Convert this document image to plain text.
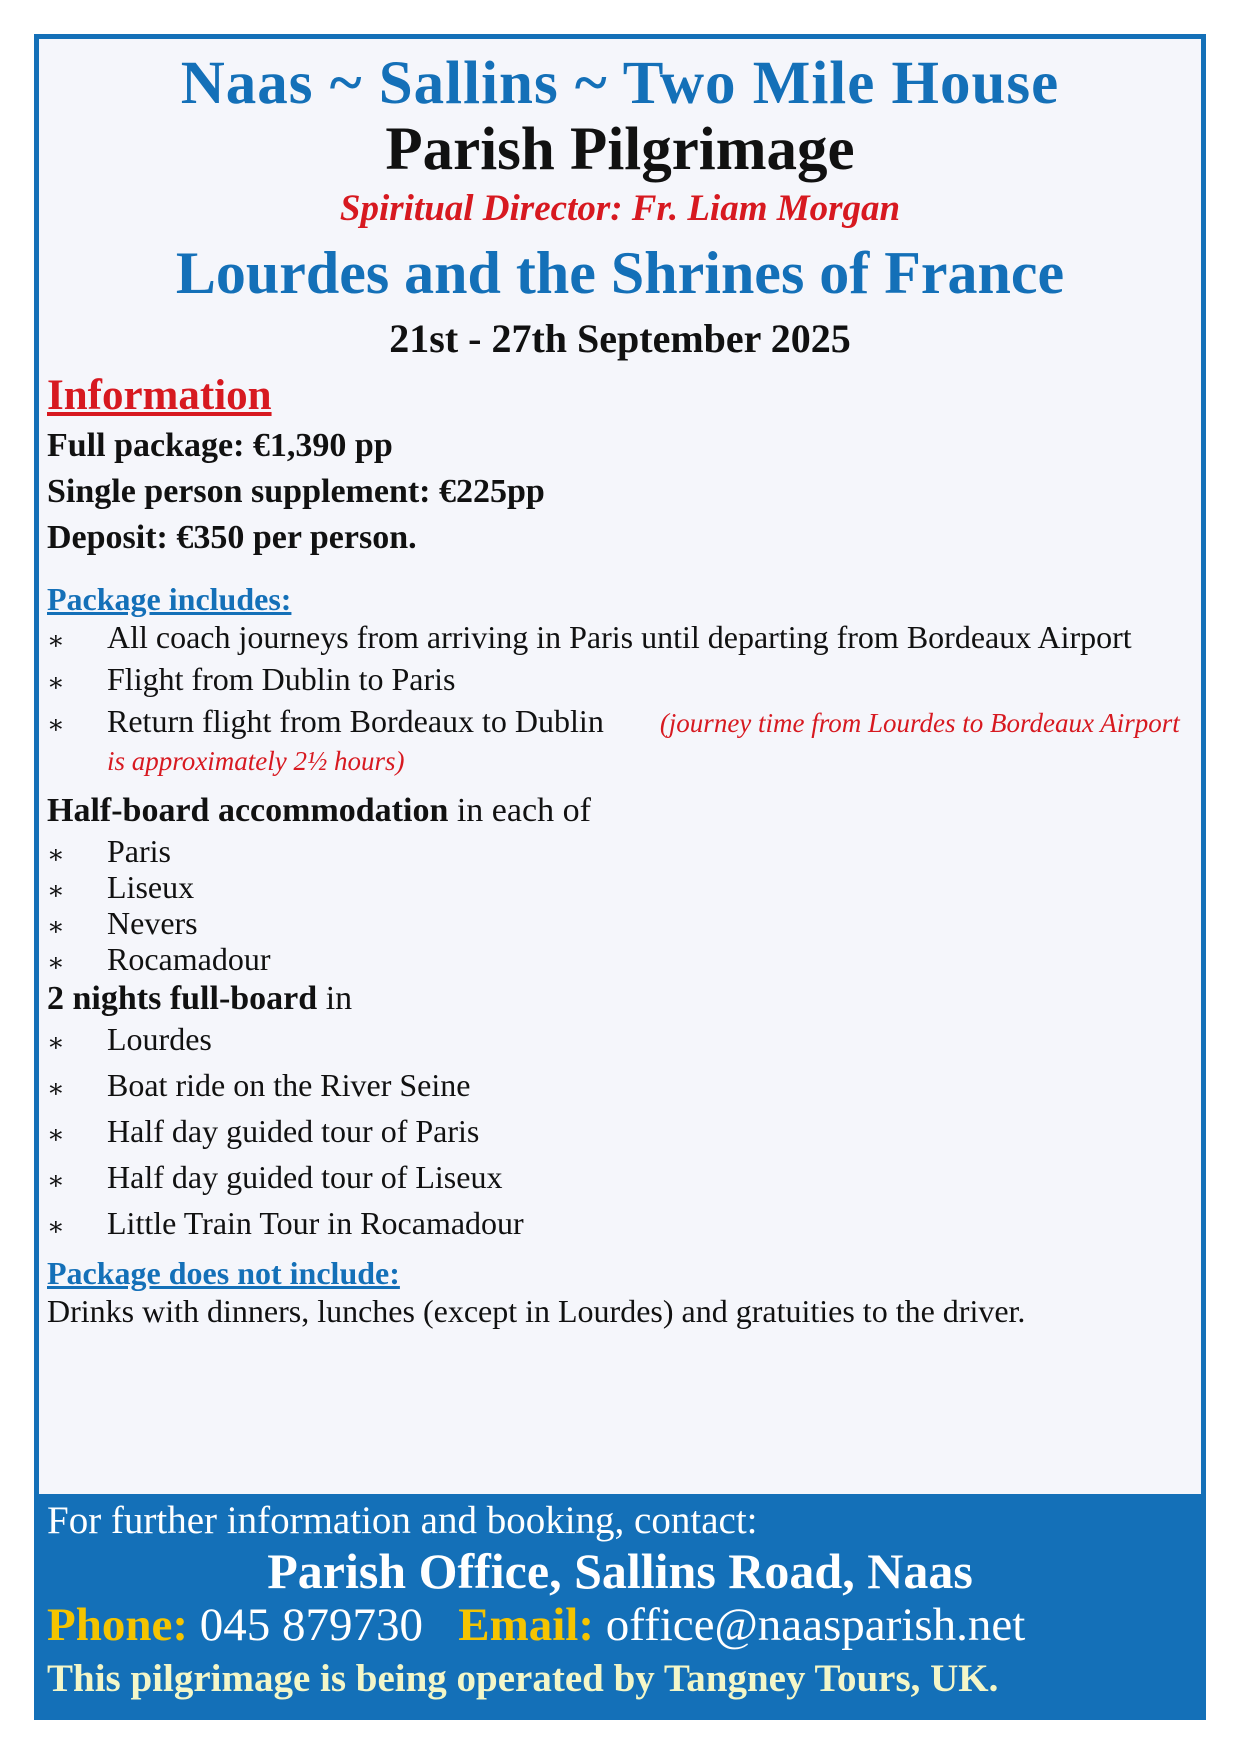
Naas ~ Sallins ~ Two Mile House
Parish Pilgrimage
Spiritual Director: Fr. Liam Morgan
Lourdes and the Shrines of France
21st - 27th September 2025

Information

Full package: €1,390 pp

Single person supplement: €225pp

Deposit: €350 per person.

Package includes:

∗ All coach journeys from arriving in Paris until departing from Bordeaux Airport
∗ Flight from Dublin to Paris
∗ Return flight from Bordeaux to Dublin (journey time from Lourdes to Bordeaux Airport is approximately 2½ hours)
Half-board accommodation in each of
∗ Paris
∗ Liseux
∗ Nevers
∗ Rocamadour
2 nights full-board in
∗ Lourdes
∗ Boat ride on the River Seine
∗ Half day guided tour of Paris
∗ Half day guided tour of Liseux
∗ Little Train Tour in Rocamadour

Package does not include:

Drinks with dinners, lunches (except in Lourdes) and gratuities to the driver.

For further information and booking, contact:
Parish Office, Sallins Road, Naas
Phone: 045 879730 Email: office@naasparish.net
This pilgrimage is being operated by Tangney Tours, UK.
